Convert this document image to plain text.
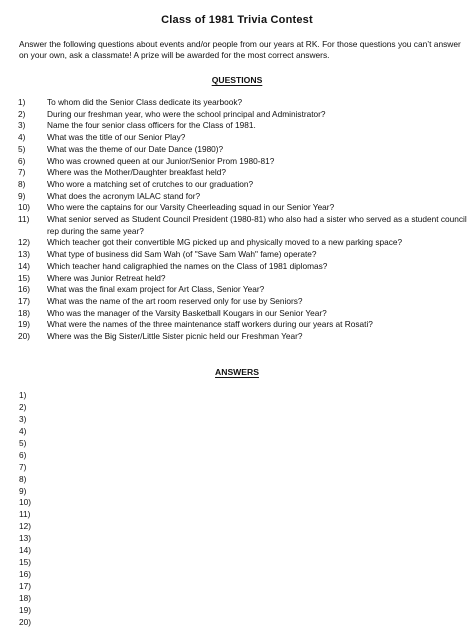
Class of 1981 Trivia Contest
Answer the following questions about events and/or people from our years at RK. For those questions you can’t answer on your own, ask a classmate! A prize will be awarded for the most correct answers.
QUESTIONS
1)	To whom did the Senior Class dedicate its yearbook?
2)	During our freshman year, who were the school principal and Administrator?
3)	Name the four senior class officers for the Class of 1981.
4)	What was the title of our Senior Play?
5)	What was the theme of our Date Dance (1980)?
6)	Who was crowned queen at our Junior/Senior Prom 1980-81?
7)	Where was the Mother/Daughter breakfast held?
8)	Who wore a matching set of crutches to our graduation?
9)	What does the acronym IALAC stand for?
10)	Who were the captains for our Varsity Cheerleading squad in our Senior Year?
11)	What senior served as Student Council President (1980-81) who also had a sister who served as a student council rep during the same year?
12)	Which teacher got their convertible MG picked up and physically moved to a new parking space?
13)	What type of business did Sam Wah (of "Save Sam Wah" fame) operate?
14)	Which teacher hand caligraphied the names on the Class of 1981 diplomas?
15)	Where was Junior Retreat held?
16)	What was the final exam project for Art Class, Senior Year?
17)	What was the name of the art room reserved only for use by Seniors?
18)	Who was the manager of the Varsity Basketball Kougars in our Senior Year?
19)	What were the names of the three maintenance staff workers during our years at Rosati?
20)	Where was the Big Sister/Little Sister picnic held our Freshman Year?
ANSWERS
1)
2)
3)
4)
5)
6)
7)
8)
9)
10)
11)
12)
13)
14)
15)
16)
17)
18)
19)
20)
